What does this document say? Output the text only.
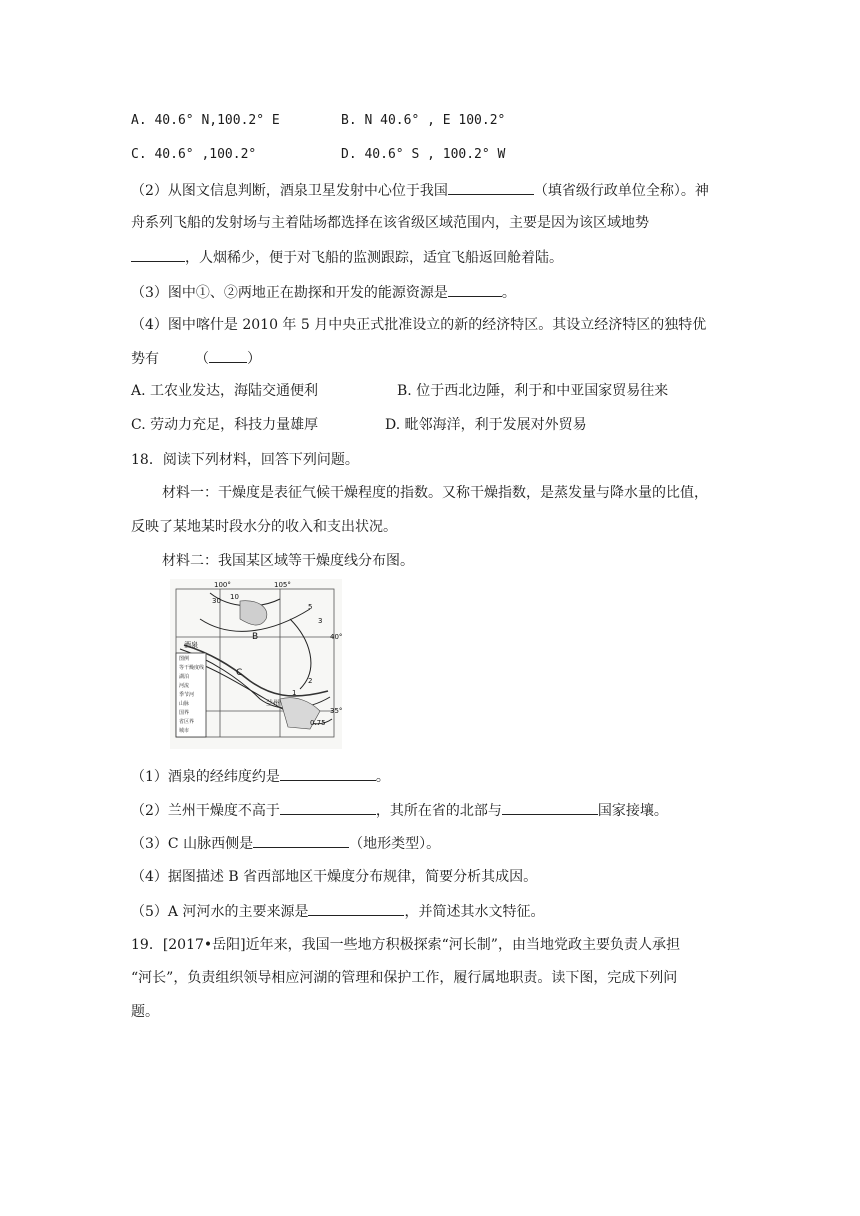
A. 40.6° N,100.2° E	B. N 40.6° , E 100.2°
C. 40.6° ,100.2°	D. 40.6° S , 100.2° W
（2）从图文信息判断，酒泉卫星发射中心位于我国	（填省级行政单位全称）。神
舟系列飞船的发射场与主着陆场都选择在该省级区域范围内，主要是因为该区域地势
，人烟稀少，便于对飞船的监测跟踪，适宜飞船返回舱着陆。
（3）图中①、②两地正在勘探和开发的能源资源是	。
（4）图中喀什是 2010 年 5 月中央正式批准设立的新的经济特区。其设立经济特区的独特优
势有	（	）
A. 工农业发达，海陆交通便利	B. 位于西北边陲，利于和中亚国家贸易往来
C. 劳动力充足，科技力量雄厚	D. 毗邻海洋，利于发展对外贸易
18．阅读下列材料，回答下列问题。
材料一：干燥度是表征气候干燥程度的指数。又称干燥指数，是蒸发量与降水量的比值，
反映了某地某时段水分的收入和支出状况。
材料二：我国某区域等干燥度线分布图。
图例
等干燥度线
湖泊
河流
季节河
山脉
国界
省区界
城市
100°	105°
40°
35°
30 10
5
3
2
1
0.75
B
C
酒泉
兰州
（1）酒泉的经纬度约是	。
（2）兰州干燥度不高于	，其所在省的北部与	国家接壤。
（3）C 山脉西侧是	（地形类型）。
（4）据图描述 B 省西部地区干燥度分布规律，简要分析其成因。
（5）A 河河水的主要来源是	，并简述其水文特征。
19．[2017•岳阳]近年来，我国一些地方积极探索“河长制”，由当地党政主要负责人承担
“河长”，负责组织领导相应河湖的管理和保护工作，履行属地职责。读下图，完成下列问
题。
